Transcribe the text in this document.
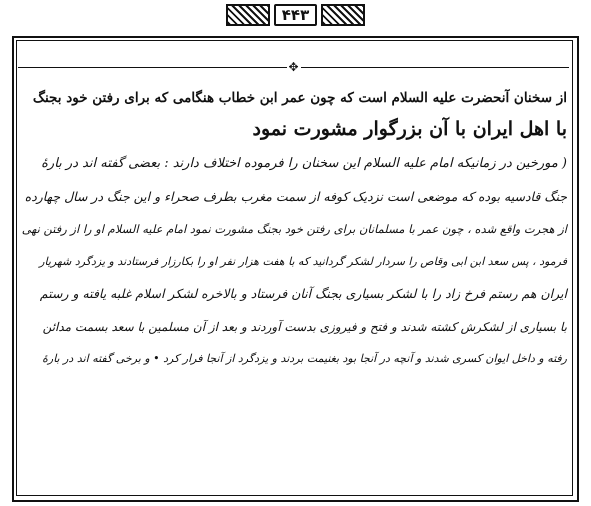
۴۴۳
✥

از سخنان آنحضرت علیه السلام است که چون عمر ابن خطاب هنگامی که برای رفتن خود بجنگ

با اهل ایران با آن بزرگوار مشورت نمود

( مورخین در زمانیکه امام علیه السلام این سخنان را فرموده اختلاف دارند : بعضی گفته اند در بارۀ

جنگ قادسیه بوده که موضعی است نزدیک کوفه از سمت مغرب بطرف صحراء و این جنگ در سال چهارده

از هجرت واقع شده ، چون عمر با مسلمانان برای رفتن خود بجنگ مشورت نمود امام علیه السلام او را از رفتن نهی

فرمود ، پس سعد ابن ابی وقاص را سردار لشکر گردانید که با هفت هزار نفر او را بکارزار فرستادند و یزدگرد شهریار

ایران هم رستم فرخ زاد را با لشکر بسیاری بجنگ آنان فرستاد و بالاخره لشکر اسلام غلبه یافته و رستم

با بسیاری از لشکرش کشته شدند و فتح و فیروزی بدست آوردند و بعد از آن مسلمین با سعد بسمت مدائن

رفته و داخل ایوان کسری شدند و آنچه در آنجا بود بغنیمت بردند و یزدگرد از آنجا فرار کرد • و برخی گفته اند در بارۀ
